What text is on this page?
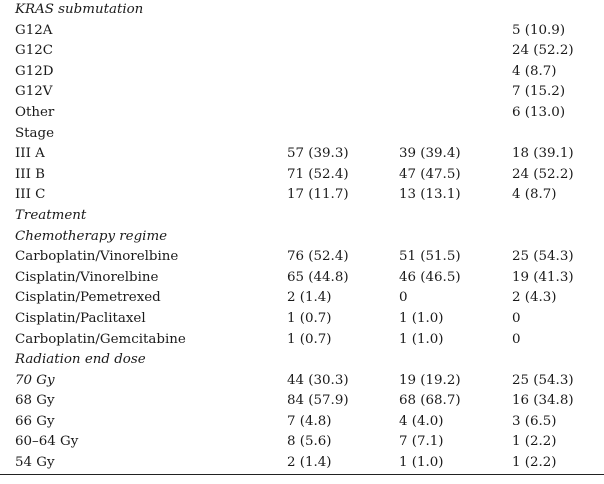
KRAS submutation			
G12A			5 (10.9)
G12C			24 (52.2)
G12D			4 (8.7)
G12V			7 (15.2)
Other			6 (13.0)
Stage			
III A	57 (39.3)	39 (39.4)	18 (39.1)
III B	71 (52.4)	47 (47.5)	24 (52.2)
III C	17 (11.7)	13 (13.1)	4 (8.7)
Treatment			
Chemotherapy regime			
Carboplatin/Vinorelbine	76 (52.4)	51 (51.5)	25 (54.3)
Cisplatin/Vinorelbine	65 (44.8)	46 (46.5)	19 (41.3)
Cisplatin/Pemetrexed	2 (1.4)	0	2 (4.3)
Cisplatin/Paclitaxel	1 (0.7)	1 (1.0)	0
Carboplatin/Gemcitabine	1 (0.7)	1 (1.0)	0
Radiation end dose			
70 Gy	44 (30.3)	19 (19.2)	25 (54.3)
68 Gy	84 (57.9)	68 (68.7)	16 (34.8)
66 Gy	7 (4.8)	4 (4.0)	3 (6.5)
60–64 Gy	8 (5.6)	7 (7.1)	1 (2.2)
54 Gy	2 (1.4)	1 (1.0)	1 (2.2)
